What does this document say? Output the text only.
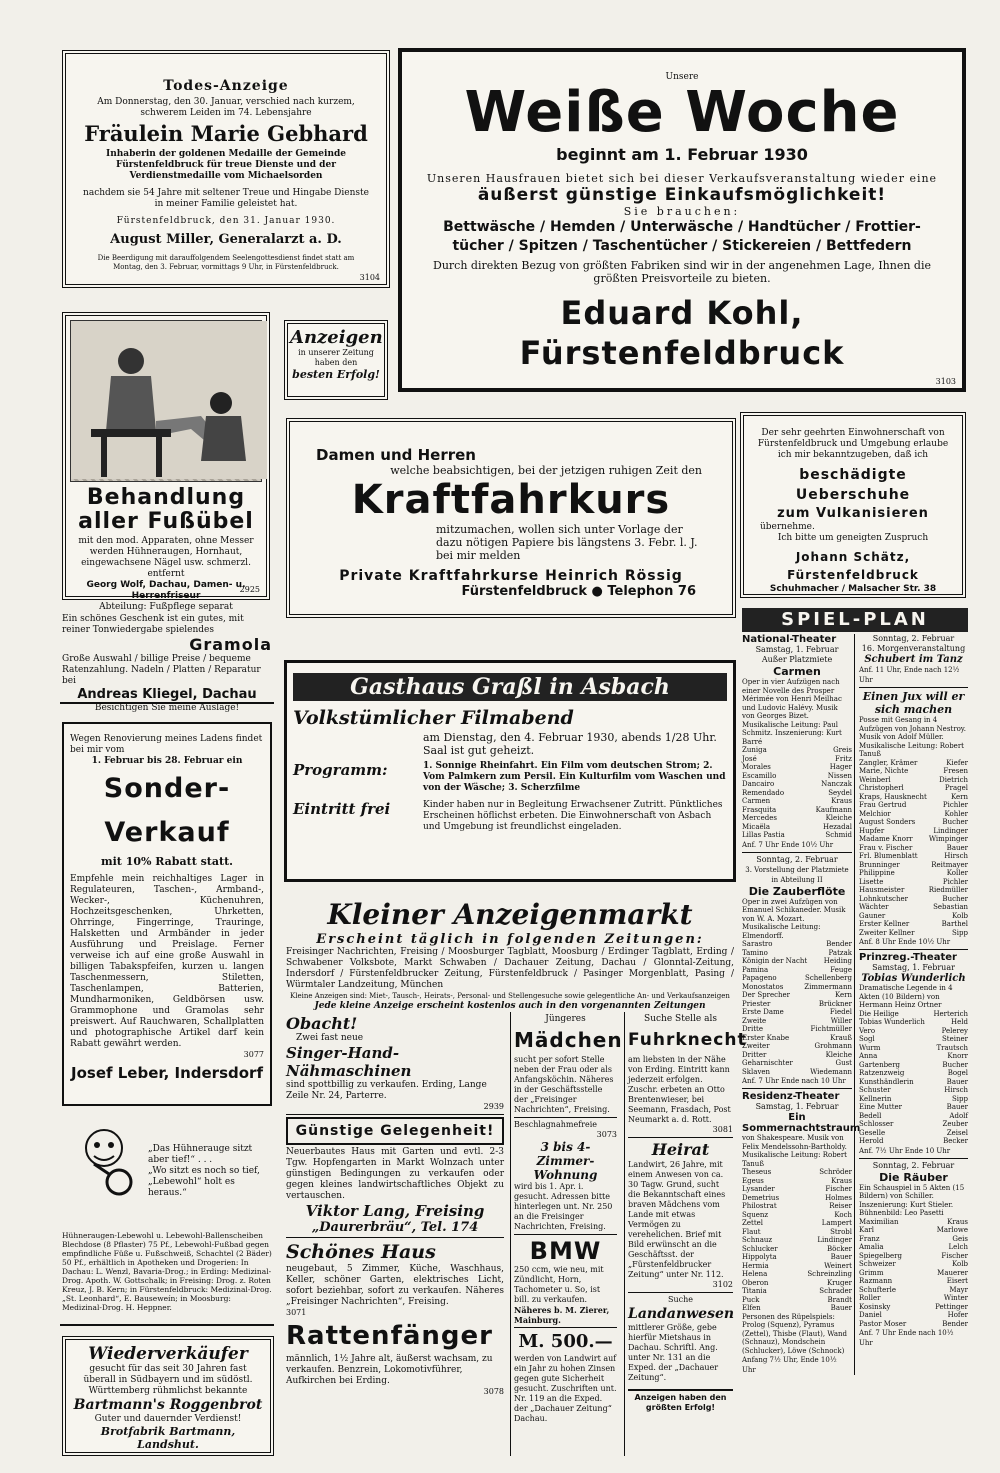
Todes-Anzeige
Am Donnerstag, den 30. Januar, verschied nach kurzem, schwerem Leiden im 74. Lebensjahre
Fräulein Marie Gebhard
Inhaberin der goldenen Medaille der Gemeinde Fürstenfeldbruck für treue Dienste und der Verdienstmedaille vom Michaelsorden
nachdem sie 54 Jahre mit seltener Treue und Hingabe Dienste in meiner Familie geleistet hat.
Fürstenfeldbruck, den 31. Januar 1930.
August Miller, Generalarzt a. D.
Die Beerdigung mit darauffolgendem Seelengottesdienst findet statt am Montag, den 3. Februar, vormittags 9 Uhr, in Fürstenfeldbruck.
3104
Unsere
Weiße Woche
beginnt am 1. Februar 1930
Unseren Hausfrauen bietet sich bei dieser Verkaufsveranstaltung wieder eine
äußerst günstige Einkaufsmöglichkeit!
Sie brauchen:
Bettwäsche / Hemden / Unterwäsche / Handtücher / Frottier-
tücher / Spitzen / Taschentücher / Stickereien / Bettfedern
Durch direkten Bezug von größten Fabriken sind wir in der angenehmen Lage, Ihnen die größten Preisvorteile zu bieten.
Eduard Kohl, Fürstenfeldbruck
3103
Behandlung
aller Fußübel
mit den mod. Apparaten, ohne Messer werden Hühneraugen, Hornhaut, eingewachsene Nägel usw. schmerzl. entfernt
Georg Wolf, Dachau, Damen- u. Herrenfriseur
Abteilung: Fußpflege separat
2925
Anzeigen
in unserer Zeitung
haben den
besten Erfolg!
Damen und Herren
welche beabsichtigen, bei der jetzigen ruhigen Zeit den
Kraftfahrkurs
mitzumachen, wollen sich unter Vorlage der dazu nötigen Papiere bis längstens 3. Febr. l. J. bei mir melden
Private Kraftfahrkurse Heinrich Rössig
Fürstenfeldbruck ● Telephon 76
Der sehr geehrten Einwohnerschaft von Fürstenfeldbruck und Umgebung erlaube ich mir bekanntzugeben, daß ich
beschädigte Ueberschuhe
zum Vulkanisieren
übernehme.
Ich bitte um geneigten Zuspruch
Johann Schätz, Fürstenfeldbruck
Schuhmacher / Malsacher Str. 38
Ein schönes Geschenk ist ein gutes, mit reiner Tonwiedergabe spielendes
Gramola
Große Auswahl / billige Preise / bequeme Ratenzahlung. Nadeln / Platten / Reparatur bei
Andreas Kliegel, Dachau
Besichtigen Sie meine Auslage!
Wegen Renovierung meines Ladens findet bei mir vom
1. Februar bis 28. Februar ein
Sonder-Verkauf
mit 10% Rabatt statt.
Empfehle mein reichhaltiges Lager in Regulateuren, Taschen-, Armband-, Wecker-, Küchenuhren, Hochzeitsgeschenken, Uhrketten, Ohrringe, Fingerringe, Trauringe, Halsketten und Armbänder in jeder Ausführung und Preislage. Ferner verweise ich auf eine große Auswahl in billigen Tabakspfeifen, kurzen u. langen Taschenmessern, Stiletten, Taschenlampen, Batterien, Mundharmoniken, Geldbörsen usw. Grammophone und Gramolas sehr preiswert. Auf Rauchwaren, Schallplatten und photographische Artikel darf kein Rabatt gewährt werden.
3077
Josef Leber, Indersdorf
„Das Hühnerauge sitzt aber tief!“ . . .
„Wo sitzt es noch so tief,
„Lebewohl“ holt es heraus.“
Hühneraugen-Lebewohl u. Lebewohl-Ballenscheiben Blechdose (8 Pflaster) 75 Pf., Lebewohl-Fußbad gegen empfindliche Füße u. Fußschweiß, Schachtel (2 Bäder) 50 Pf., erhältlich in Apotheken und Drogerien: In Dachau: L. Wenzl, Bavaria-Drog.; in Erding: Medizinal-Drog. Apoth. W. Gottschalk; in Freising: Drog. z. Roten Kreuz, J. B. Kern; in Fürstenfeldbruck: Medizinal-Drog. „St. Leonhard“, E. Bauseweín; in Moosburg: Medizinal-Drog. H. Heppner.
Wiederverkäufer
gesucht für das seit 30 Jahren fast überall in Südbayern und im südöstl. Württemberg rühmlichst bekannte
Bartmann's Roggenbrot
Guter und dauernder Verdienst!
Brotfabrik Bartmann, Landshut.
Gasthaus Graßl in Asbach
Volkstümlicher Filmabend
am Dienstag, den 4. Februar 1930, abends 1/28 Uhr. Saal ist gut geheizt.
Programm:	1. Sonnige Rheinfahrt. Ein Film vom deutschen Strom; 2. Vom Palmkern zum Persil. Ein Kulturfilm vom Waschen und von der Wäsche; 3. Scherzfilme
Eintritt frei	Kinder haben nur in Begleitung Erwachsener Zutritt. Pünktliches Erscheinen höflichst erbeten. Die Einwohnerschaft von Asbach und Umgebung ist freundlichst eingeladen.
Kleiner Anzeigenmarkt
Erscheint täglich in folgenden Zeitungen:
Freisinger Nachrichten, Freising / Moosburger Tagblatt, Moosburg / Erdinger Tagblatt, Erding / Schwabener Volksbote, Markt Schwaben / Dachauer Zeitung, Dachau / Glonntal-Zeitung, Indersdorf / Fürstenfeldbrucker Zeitung, Fürstenfeldbruck / Pasinger Morgenblatt, Pasing / Würmtaler Landzeitung, München
Kleine Anzeigen sind: Miet-, Tausch-, Heirats-, Personal- und Stellengesuche sowie gelegentliche An- und Verkaufsanzeigen
Jede kleine Anzeige erscheint kostenlos auch in den vorgenannten Zeitungen
Obacht!
Zwei fast neue
Singer-Hand-Nähmaschinen
sind spottbillig zu verkaufen. Erding, Lange Zeile Nr. 24, Parterre.
2939
Günstige Gelegenheit!
Neuerbautes Haus mit Garten und evtl. 2-3 Tgw. Hopfengarten in Markt Wolnzach unter günstigen Bedingungen zu verkaufen oder gegen kleines landwirtschaftliches Objekt zu vertauschen.
Viktor Lang, Freising
„Daurerbräu“, Tel. 174
Schönes Haus
neugebaut, 5 Zimmer, Küche, Waschhaus, Keller, schöner Garten, elektrisches Licht, sofort beziehbar, sofort zu verkaufen. Näheres „Freisinger Nachrichten“, Freising.
3071
Rattenfänger
männlich, 1½ Jahre alt, äußerst wachsam, zu verkaufen. Benzrein, Lokomotivführer, Aufkirchen bei Erding.
3078
Jüngeres
Mädchen
sucht per sofort Stelle neben der Frau oder als Anfangsköchin. Näheres in der Geschäftsstelle der „Freisinger Nachrichten“, Freising.
Beschlagnahmefreie
3073
3 bis 4-Zimmer-Wohnung
wird bis 1. Apr. i. gesucht. Adressen bitte hinterlegen unt. Nr. 250 an die Freisinger Nachrichten, Freising.
BMW
250 ccm, wie neu, mit Zündlicht, Horn, Tachometer u. So, ist bill. zu verkaufen.
Näheres b. M. Zierer, Mainburg.
M. 500.—
werden von Landwirt auf ein Jahr zu hohen Zinsen gegen gute Sicherheit gesucht. Zuschriften unt. Nr. 119 an die Exped. der „Dachauer Zeitung“ Dachau.
Suche Stelle als
Fuhrknecht
am liebsten in der Nähe von Erding. Eintritt kann jederzeit erfolgen. Zuschr. erbeten an Otto Brentenwieser, bei Seemann, Frasdach, Post Neumarkt a. d. Rott.
3081
Heirat
Landwirt, 26 Jahre, mit einem Anwesen von ca. 30 Tagw. Grund, sucht die Bekanntschaft eines braven Mädchens vom Lande mit etwas Vermögen zu verehelichen. Brief mit Bild erwünscht an die Geschäftsst. der „Fürstenfeldbrucker Zeitung“ unter Nr. 112.
3102
Suche
Landanwesen
mittlerer Größe, gebe hierfür Mietshaus in Dachau. Schriftl. Ang. unter Nr. 131 an die Exped. der „Dachauer Zeitung“.
Anzeigen haben den größten Erfolg!
SPIEL-PLAN
National-Theater
Samstag, 1. Februar
Außer Platzmiete
Carmen
Oper in vier Aufzügen nach einer Novelle des Prosper Mérimée von Henri Meilhac und Ludovic Halévy. Musik von Georges Bizet. Musikalische Leitung: Paul Schmitz. Inszenierung: Kurt Barré
Zuniga	Greis
José	Fritz
Morales	Hager
Escamillo	Nissen
Dancairo	Nanczak
Remendado	Seydel
Carmen	Kraus
Frasquita	Kaufmann
Mercedes	Kleiche
Micaëla	Hezadal
Lillas Pastia	Schmid
Anf. 7 Uhr Ende 10½ Uhr
Sonntag, 2. Februar
3. Vorstellung der Platzmiete in Abteilung II
Die Zauberflöte
Oper in zwei Aufzügen von Emanuel Schikaneder. Musik von W. A. Mozart. Musikalische Leitung: Elmendorff.
Sarastro	Bender
Tamino	Patzak
Königin der Nacht Heiding
Pamina	Feuge
Papageno	Schellenberg
Monostatos	Zimmermann
Der Sprecher	Kern
Priester	Brückner
Erste Dame	Fiedel
Zweite	Willer
Dritte	Fichtmüller
Erster Knabe	Krauß
Zweiter	Grohmann
Dritter	Kleiche
Geharnischter	Gust
Sklaven	Wiedemann
Anf. 7 Uhr Ende nach 10 Uhr
Residenz-Theater
Samstag, 1. Februar
Ein Sommernachtstraum
von Shakespeare. Musik von Felix Mendelssohn-Bartholdy. Musikalische Leitung: Robert Tanuß
Theseus	Schröder
Egeus	Kraus
Lysander	Fischer
Demetrius	Holmes
Philostrat	Reiser
Squenz	Koch
Zettel	Lampert
Flaut	Strobl
Schnauz	Lindinger
Schlucker	Böcker
Hippolyta	Bauer
Hermia	Weinert
Helena	Schreinzling
Oberon	Kruger
Titania	Schrader
Puck	Brandt
Elfen	Bauer
Personen des Rüpelspiels: Prolog (Squenz), Pyramus (Zettel), Thisbe (Flaut), Wand (Schnauz), Mondschein (Schlucker), Löwe (Schnock)
Anfang 7½ Uhr, Ende 10½ Uhr
Sonntag, 2. Februar
16. Morgenveranstaltung
Schubert im Tanz
Anf. 11 Uhr, Ende nach 12½ Uhr
Einen Jux will er sich machen
Posse mit Gesang in 4 Aufzügen von Johann Nestroy. Musik von Adolf Müller. Musikalische Leitung: Robert Tanuß
Zangler, Krämer	Kiefer
Marie, Nichte	Fresen
Weinberl	Dietrich
Christopherl	Pragel
Kraps, Hausknecht	Kern
Frau Gertrud	Pichler
Melchior	Kohler
August Sonders	Bucher
Hupfer	Lindinger
Madame Knorr Wimpinger
Frau v. Fischer	Bauer
Frl. Blumenblatt	Hirsch
Brunninger	Reitmayer
Philippine	Koller
Lisette	Pichler
Hausmeister	Riedmüller
Lohnkutscher	Bucher
Wächter	Sebastian
Gauner	Kolb
Erster Kellner	Barthel
Zweiter Kellner	Sipp
Anf. 8 Uhr Ende 10½ Uhr
Prinzreg.-Theater
Samstag, 1. Februar
Tobias Wunderlich
Dramatische Legende in 4 Akten (10 Bildern) von Hermann Heinz Ortner
Die Heilige	Herterich
Tobias Wunderlich	Held
Vero	Pelerey
Sogl	Steiner
Wurm	Trautsch
Anna	Knorr
Gartenberg	Bucher
Ratzenzweig	Bogel
Kunsthändlerin	Bauer
Schuster	Hirsch
Kellnerin	Sipp
Eine Mutter	Bauer
Bedell	Adolf
Schlosser	Zeuber
Geselle	Zeisel
Herold	Becker
Anf. 7½ Uhr Ende 10 Uhr
Sonntag, 2. Februar
Die Räuber
Ein Schauspiel in 5 Akten (15 Bildern) von Schiller. Inszenierung: Kurt Stieler. Bühnenbild: Leo Pasetti
Maximilian	Kraus
Karl	Marlowe
Franz	Geis
Amalia	Lelch
Spiegelberg	Fischer
Schweizer	Kolb
Grimm	Mauerer
Razmann	Eisert
Schufterle	Mayr
Roller	Winter
Kosinsky	Pettinger
Daniel	Hofer
Pastor Moser	Bender
Anf. 7 Uhr Ende nach 10½ Uhr
